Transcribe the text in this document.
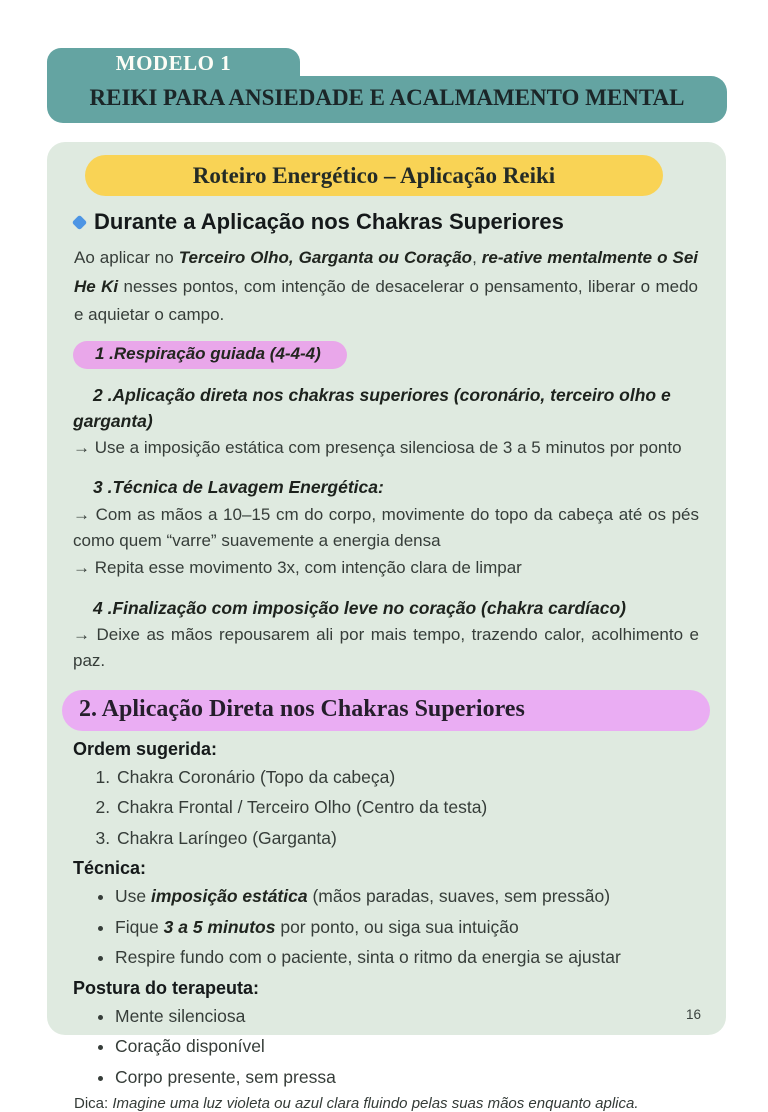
MODELO 1
REIKI PARA ANSIEDADE E ACALMAMENTO MENTAL
Roteiro Energético – Aplicação Reiki
Durante a Aplicação nos Chakras Superiores

Ao aplicar no Terceiro Olho, Garganta ou Coração, re-ative mentalmente o Sei He Ki nesses pontos, com intenção de desacelerar o pensamento, liberar o medo e aquietar o campo.

1 .Respiração guiada (4-4-4)
2 .Aplicação direta nos chakras superiores (coronário, terceiro olho e garganta)
→ Use a imposição estática com presença silenciosa de 3 a 5 minutos por ponto
3 .Técnica de Lavagem Energética:
→ Com as mãos a 10–15 cm do corpo, movimente do topo da cabeça até os pés como quem “varre” suavemente a energia densa
→ Repita esse movimento 3x, com intenção clara de limpar
4 .Finalização com imposição leve no coração (chakra cardíaco)
→ Deixe as mãos repousarem ali por mais tempo, trazendo calor, acolhimento e paz.
2. Aplicação Direta nos Chakras Superiores
Ordem sugerida:
1. Chakra Coronário (Topo da cabeça)
2. Chakra Frontal / Terceiro Olho (Centro da testa)
3. Chakra Laríngeo (Garganta)
Técnica:
• Use imposição estática (mãos paradas, suaves, sem pressão)
• Fique 3 a 5 minutos por ponto, ou siga sua intuição
• Respire fundo com o paciente, sinta o ritmo da energia se ajustar
Postura do terapeuta:
• Mente silenciosa
• Coração disponível
• Corpo presente, sem pressa

Dica: Imagine uma luz violeta ou azul clara fluindo pelas suas mãos enquanto aplica.

16
